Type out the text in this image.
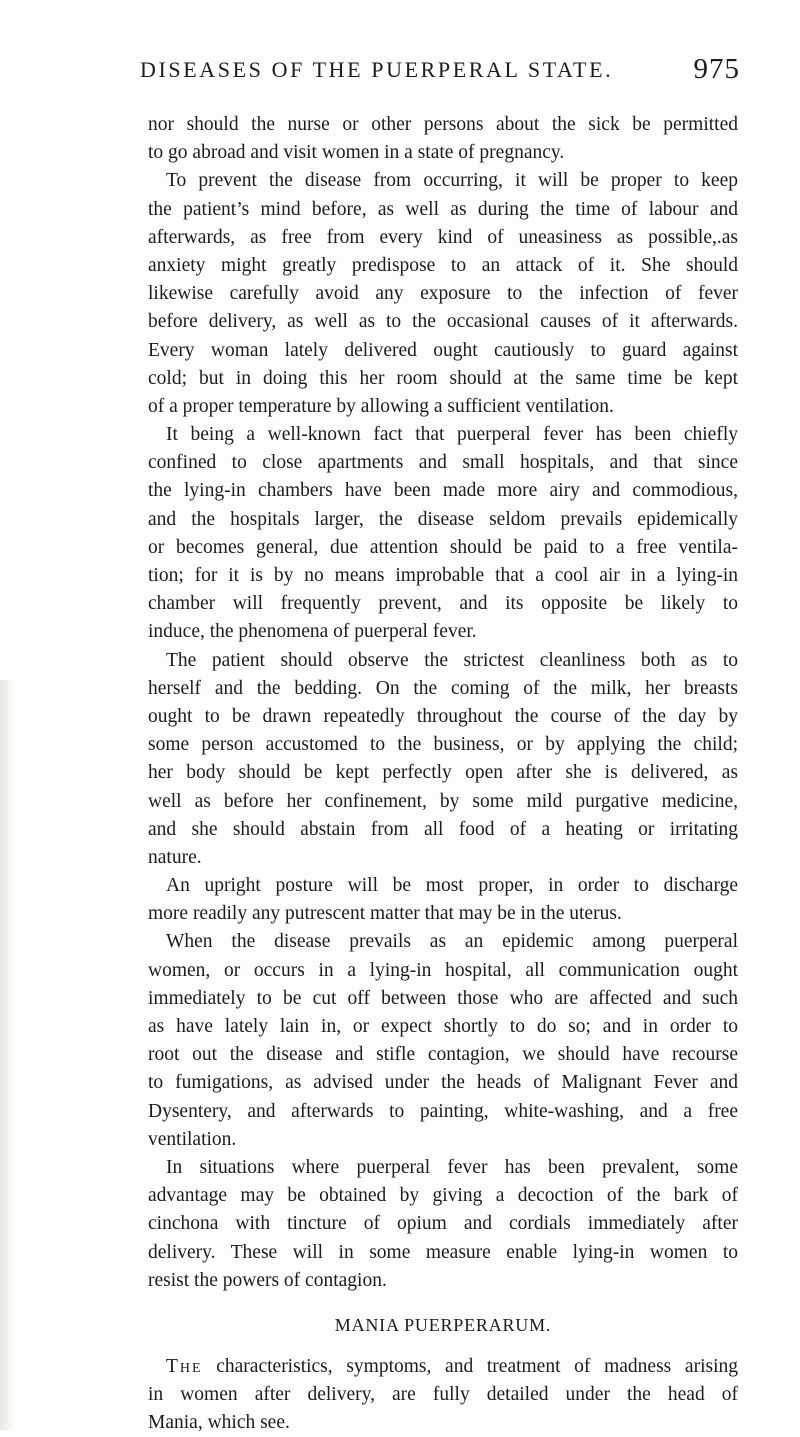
DISEASES OF THE PUERPERAL STATE.	975
nor should the nurse or other persons about the sick be permitted
to go abroad and visit women in a state of pregnancy.
To prevent the disease from occurring, it will be proper to keep
the patient’s mind before, as well as during the time of labour and
afterwards, as free from every kind of uneasiness as possible,.as
anxiety might greatly predispose to an attack of it. She should
likewise carefully avoid any exposure to the infection of fever
before delivery, as well as to the occasional causes of it afterwards.
Every woman lately delivered ought cautiously to guard against
cold; but in doing this her room should at the same time be kept
of a proper temperature by allowing a sufficient ventilation.
It being a well-known fact that puerperal fever has been chiefly
confined to close apartments and small hospitals, and that since
the lying-in chambers have been made more airy and commodious,
and the hospitals larger, the disease seldom prevails epidemically
or becomes general, due attention should be paid to a free ventila-
tion; for it is by no means improbable that a cool air in a lying-in
chamber will frequently prevent, and its opposite be likely to
induce, the phenomena of puerperal fever.
The patient should observe the strictest cleanliness both as to
herself and the bedding. On the coming of the milk, her breasts
ought to be drawn repeatedly throughout the course of the day by
some person accustomed to the business, or by applying the child;
her body should be kept perfectly open after she is delivered, as
well as before her confinement, by some mild purgative medicine,
and she should abstain from all food of a heating or irritating
nature.
An upright posture will be most proper, in order to discharge
more readily any putrescent matter that may be in the uterus.
When the disease prevails as an epidemic among puerperal
women, or occurs in a lying-in hospital, all communication ought
immediately to be cut off between those who are affected and such
as have lately lain in, or expect shortly to do so; and in order to
root out the disease and stifle contagion, we should have recourse
to fumigations, as advised under the heads of Malignant Fever and
Dysentery, and afterwards to painting, white-washing, and a free
ventilation.
In situations where puerperal fever has been prevalent, some
advantage may be obtained by giving a decoction of the bark of
cinchona with tincture of opium and cordials immediately after
delivery. These will in some measure enable lying-in women to
resist the powers of contagion.
MANIA PUERPERARUM.
The characteristics, symptoms, and treatment of madness arising
in women after delivery, are fully detailed under the head of
Mania, which see.
